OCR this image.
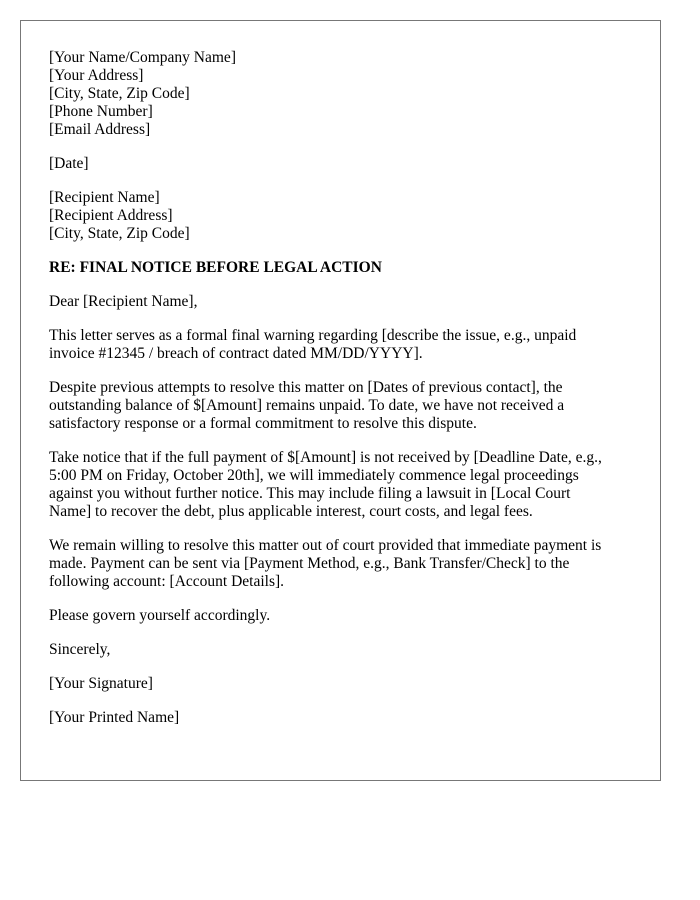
[Your Name/Company Name]
[Your Address]
[City, State, Zip Code]
[Phone Number]
[Email Address]
[Date]
[Recipient Name]
[Recipient Address]
[City, State, Zip Code]
RE: FINAL NOTICE BEFORE LEGAL ACTION
Dear [Recipient Name],
This letter serves as a formal final warning regarding [describe the issue, e.g., unpaid
invoice #12345 / breach of contract dated MM/DD/YYYY].
Despite previous attempts to resolve this matter on [Dates of previous contact], the
outstanding balance of $[Amount] remains unpaid. To date, we have not received a
satisfactory response or a formal commitment to resolve this dispute.
Take notice that if the full payment of $[Amount] is not received by [Deadline Date, e.g.,
5:00 PM on Friday, October 20th], we will immediately commence legal proceedings
against you without further notice. This may include filing a lawsuit in [Local Court
Name] to recover the debt, plus applicable interest, court costs, and legal fees.
We remain willing to resolve this matter out of court provided that immediate payment is
made. Payment can be sent via [Payment Method, e.g., Bank Transfer/Check] to the
following account: [Account Details].
Please govern yourself accordingly.
Sincerely,
[Your Signature]
[Your Printed Name]
